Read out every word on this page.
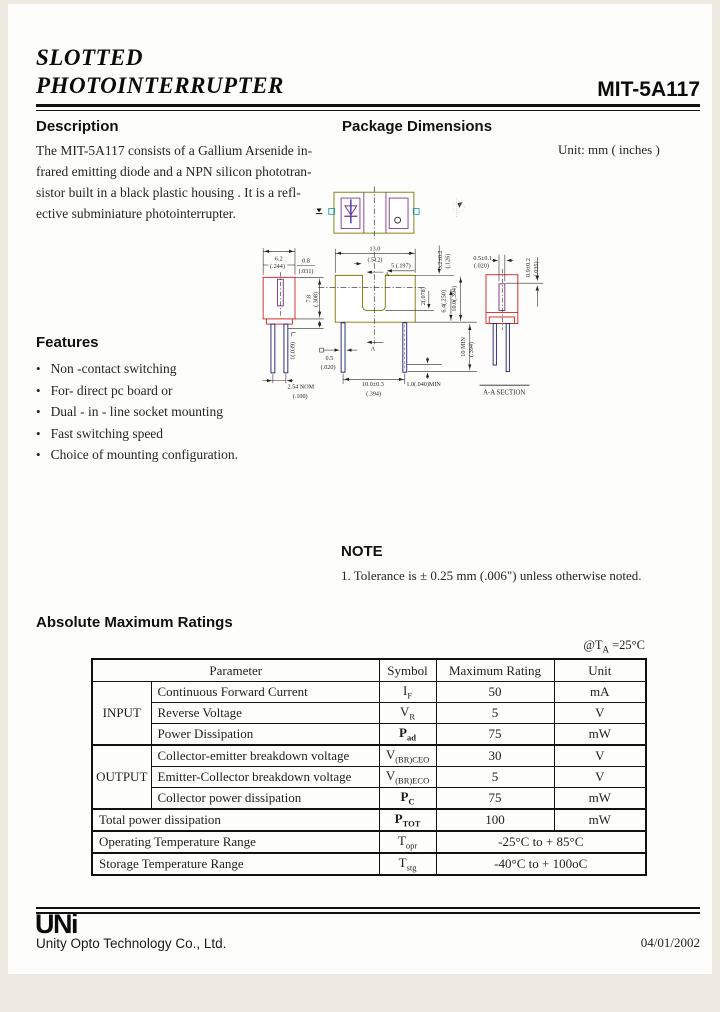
SLOTTED
PHOTOINTERRUPTER	MIT-5A117
Description
The MIT-5A117 consists of a Gallium Arsenide in-
frared emitting diode and a NPN silicon phototran-
sistor built in a black plastic housing . It is a refl-
ective subminiature photointerrupter.
Features
• Non -contact switching
• For- direct pc board or
• Dual - in - line socket mounting
• Fast switching speed
• Choice of mounting configuration.
Package Dimensions
Unit: mm ( inches )
6.2
(.244)
0.8
(.031)
7.8 (.308)
1(.039)
2.54 NOM
(.100)
13.0
(.512)
5 (.197)
A
A
3.2±0.2 (.126)
2(.078) 6.4(.250) 10.0(.394)
10 MIN (.394)
0.5
(.020)
10.0±0.3
(.394)
1.0(.040)MIN
0.5±0.1
(.020)	0.9±0.2 (.035)
A-A SECTION
NOTE
1. Tolerance is ± 0.25 mm (.006") unless otherwise noted.
Absolute Maximum Ratings
$@T_A =25^\circ C$
Parameter		Symbol	Maximum Rating	Unit
INPUT	Continuous Forward Current	$I_F$	50	mA
	Reverse Voltage	$V_R$	5	V
	Power Dissipation	$P_{ad}$	75	mW
OUTPUT	Collector-emitter breakdown voltage	$V_{(BR)CEO}$	30	V
	Emitter-Collector breakdown voltage	$V_{(BR)ECO}$	5	V
	Collector power dissipation	$P_C$	75	mW
Total power dissipation		$P_{TOT}$	100	mW
Operating Temperature Range		$T_{opr}$	-25°C to + 85°C	
Storage Temperature Range		$T_{stg}$	-40°C to + 100oC	
UNi
Unity Opto Technology Co., Ltd.	04/01/2002
